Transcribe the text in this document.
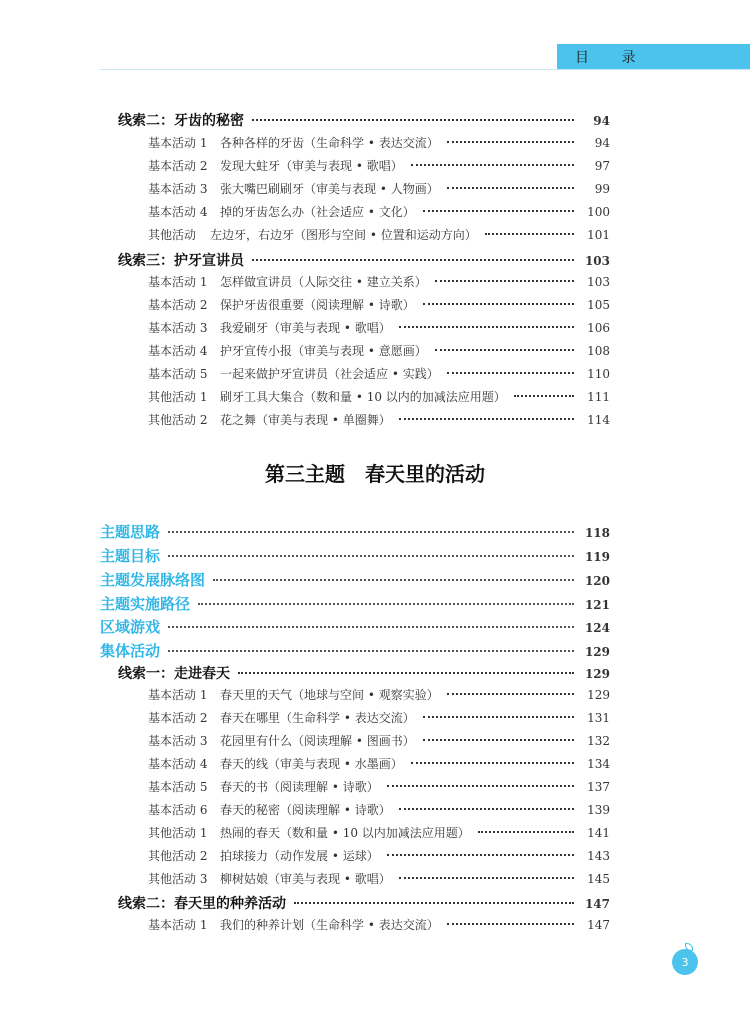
目 录
线索二：牙齿的秘密	94
基本活动 1	各种各样的牙齿（生命科学 • 表达交流）	94
基本活动 2	发现大蛀牙（审美与表现 • 歌唱）	97
基本活动 3	张大嘴巴刷刷牙（审美与表现 • 人物画）	99
基本活动 4	掉的牙齿怎么办（社会适应 • 文化）	100
其他活动	左边牙，右边牙（图形与空间 • 位置和运动方向）	101
线索三：护牙宣讲员	103
基本活动 1	怎样做宣讲员（人际交往 • 建立关系）	103
基本活动 2	保护牙齿很重要（阅读理解 • 诗歌）	105
基本活动 3	我爱刷牙（审美与表现 • 歌唱）	106
基本活动 4	护牙宣传小报（审美与表现 • 意愿画）	108
基本活动 5	一起来做护牙宣讲员（社会适应 • 实践）	110
其他活动 1	刷牙工具大集合（数和量 • 10 以内的加减法应用题）	111
其他活动 2	花之舞（审美与表现 • 单圈舞）	114
第三主题　春天里的活动
主题思路	118
主题目标	119
主题发展脉络图	120
主题实施路径	121
区域游戏	124
集体活动	129
线索一：走进春天	129
基本活动 1	春天里的天气（地球与空间 • 观察实验）	129
基本活动 2	春天在哪里（生命科学 • 表达交流）	131
基本活动 3	花园里有什么（阅读理解 • 图画书）	132
基本活动 4	春天的线（审美与表现 • 水墨画）	134
基本活动 5	春天的书（阅读理解 • 诗歌）	137
基本活动 6	春天的秘密（阅读理解 • 诗歌）	139
其他活动 1	热闹的春天（数和量 • 10 以内加减法应用题）	141
其他活动 2	拍球接力（动作发展 • 运球）	143
其他活动 3	柳树姑娘（审美与表现 • 歌唱）	145
线索二：春天里的种养活动	147
基本活动 1	我们的种养计划（生命科学 • 表达交流）	147
3
